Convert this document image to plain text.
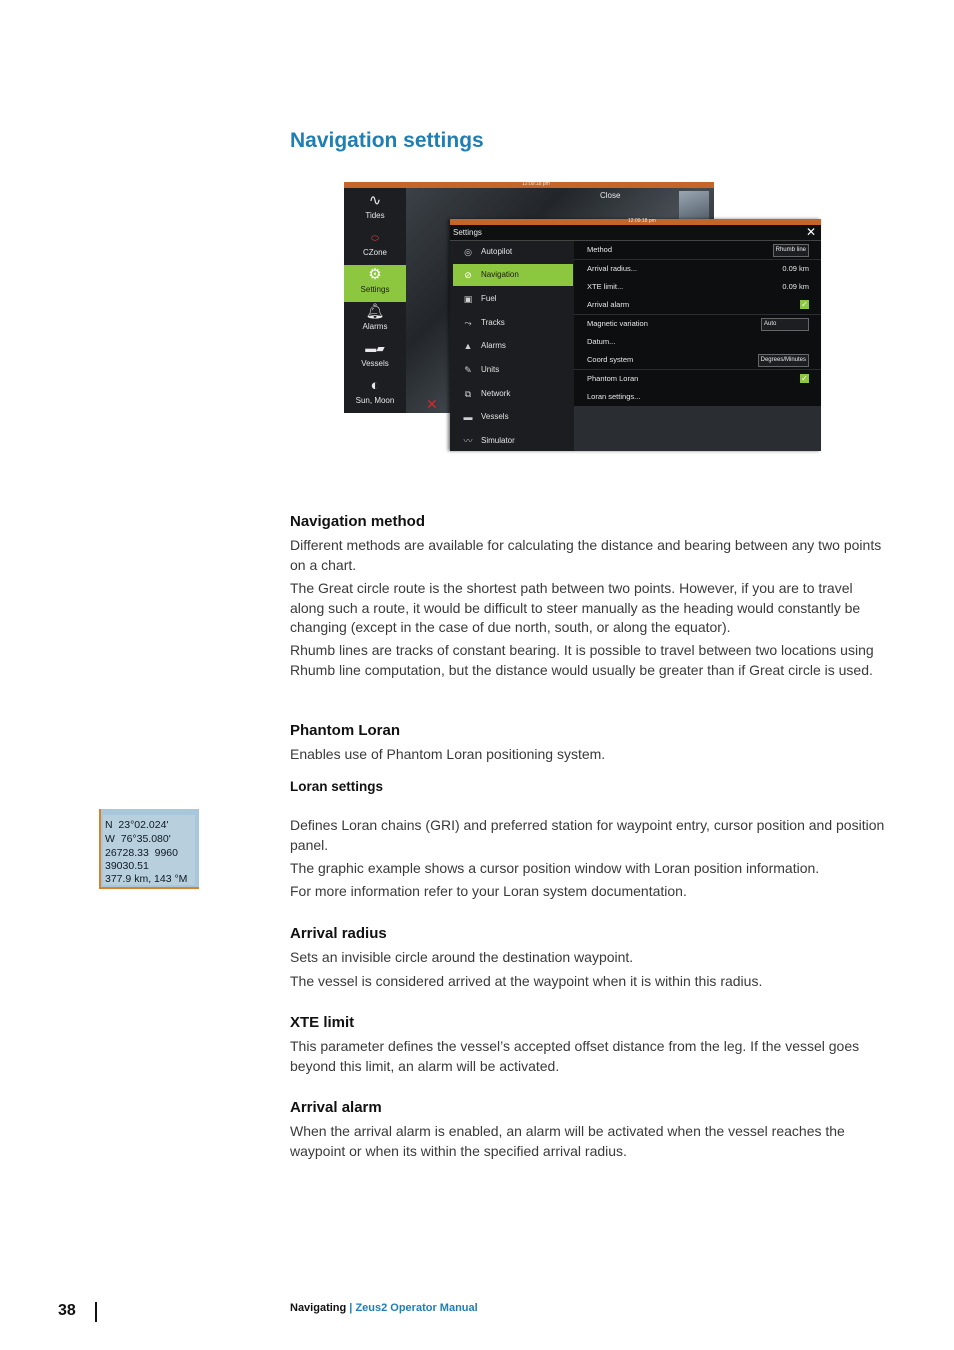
Navigation settings
12:09:18 pm
∿
Tides
⬭
CZone
⚙
Settings
🔔︎
Alarms
▬▰
Vessels
◐
Sun, Moon
Close
✕
12:09:18 pm
Settings	✕
◎	Autopilot
⊘	Navigation
▣	Fuel
⤳	Tracks
▲	Alarms
✎	Units
⧉	Network
▬	Vessels
〰	Simulator
Method	Rhumb line
Arrival radius...	0.09 km
XTE limit...	0.09 km
Arrival alarm	✓
Magnetic variation	Auto
Datum...
Coord system	Degrees/Minutes
Phantom Loran	✓
Loran settings...
Navigation method

Different methods are available for calculating the distance and bearing between any two points on a chart.

The Great circle route is the shortest path between two points. However, if you are to travel along such a route, it would be difficult to steer manually as the heading would constantly be changing (except in the case of due north, south, or along the equator).

Rhumb lines are tracks of constant bearing. It is possible to travel between two locations using Rhumb line computation, but the distance would usually be greater than if Great circle is used.

Phantom Loran

Enables use of Phantom Loran positioning system.

Loran settings
N  23°02.024'
W  76°35.080'
26728.33  9960
39030.51
377.9 km, 143 °M

Defines Loran chains (GRI) and preferred station for waypoint entry, cursor position and position panel.

The graphic example shows a cursor position window with Loran position information.

For more information refer to your Loran system documentation.

Arrival radius

Sets an invisible circle around the destination waypoint.

The vessel is considered arrived at the waypoint when it is within this radius.

XTE limit

This parameter defines the vessel’s accepted offset distance from the leg. If the vessel goes beyond this limit, an alarm will be activated.

Arrival alarm

When the arrival alarm is enabled, an alarm will be activated when the vessel reaches the waypoint or when its within the specified arrival radius.

38	Navigating | Zeus2 Operator Manual
